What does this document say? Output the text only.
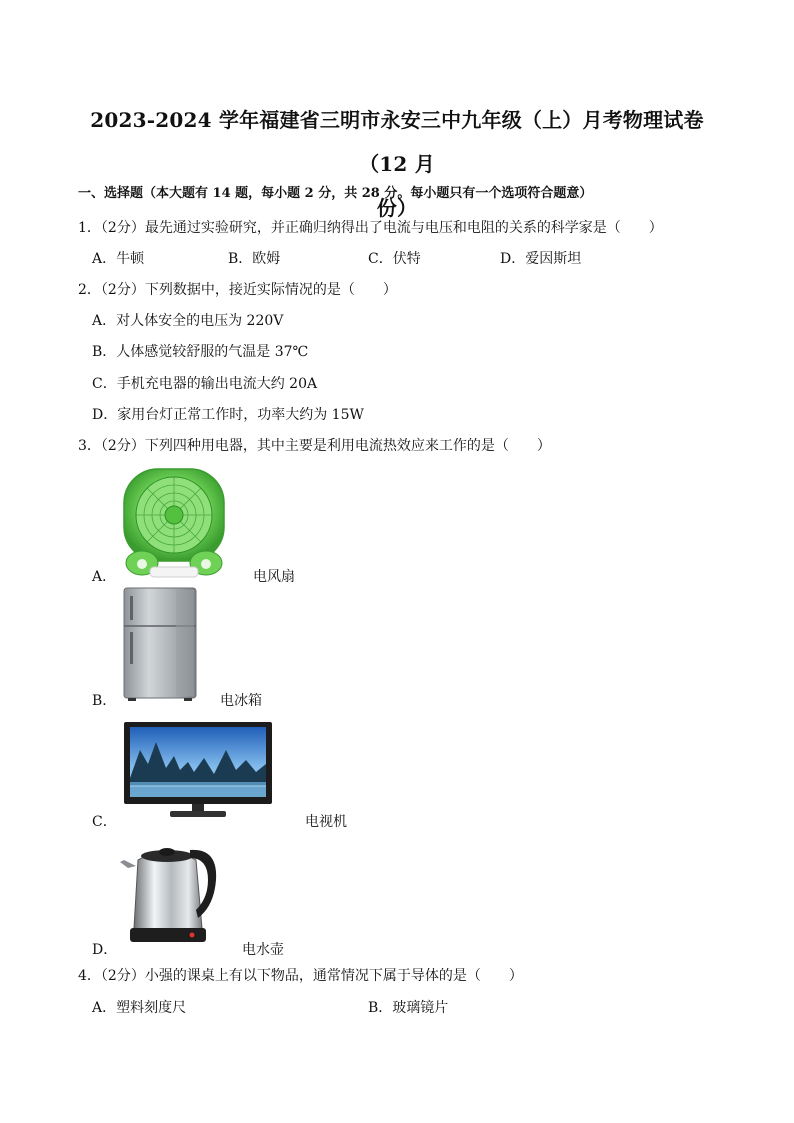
2023-2024 学年福建省三明市永安三中九年级（上）月考物理试卷（12 月
份）
一、选择题（本大题有 14 题，每小题 2 分，共 28 分。每小题只有一个选项符合题意）
1．（2分）最先通过实验研究，并正确归纳得出了电流与电压和电阻的关系的科学家是（　　）
A．牛顿	B．欧姆	C．伏特	D．爱因斯坦
2．（2分）下列数据中，接近实际情况的是（　　）
A．对人体安全的电压为 220V
B．人体感觉较舒服的气温是 37℃
C．手机充电器的输出电流大约 20A
D．家用台灯正常工作时，功率大约为 15W
3．（2分）下列四种用电器，其中主要是利用电流热效应来工作的是（　　）
A．	电风扇
B．	电冰箱
C．	电视机
D．	电水壶
4．（2分）小强的课桌上有以下物品，通常情况下属于导体的是（　　）
A．塑料刻度尺	B．玻璃镜片
